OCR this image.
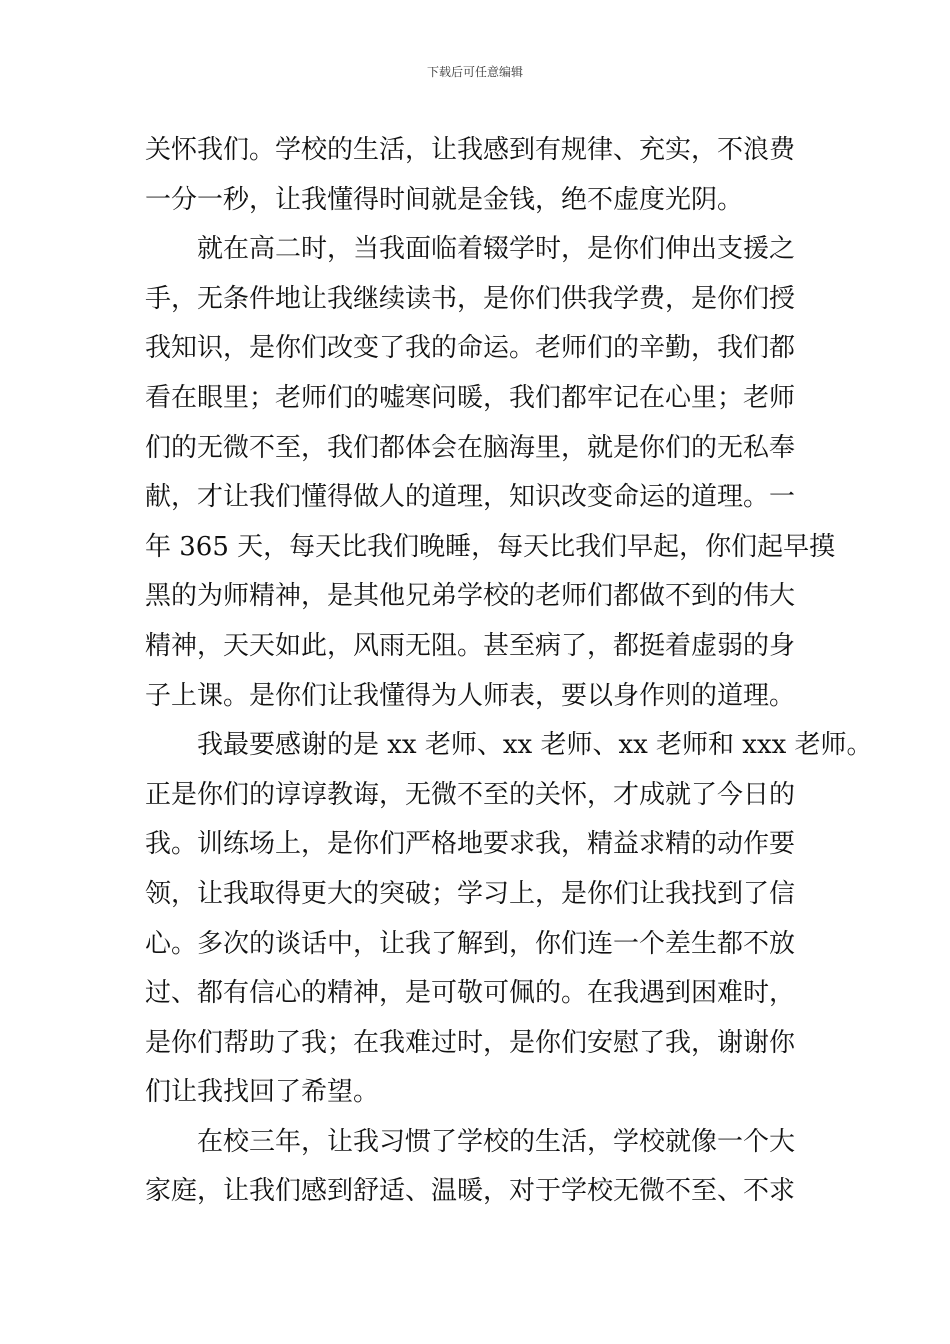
下载后可任意编辑
关怀我们。学校的生活，让我感到有规律、充实，不浪费
一分一秒，让我懂得时间就是金钱，绝不虚度光阴。
　　就在高二时，当我面临着辍学时，是你们伸出支援之
手，无条件地让我继续读书，是你们供我学费，是你们授
我知识，是你们改变了我的命运。老师们的辛勤，我们都
看在眼里；老师们的嘘寒问暖，我们都牢记在心里；老师
们的无微不至，我们都体会在脑海里，就是你们的无私奉
献，才让我们懂得做人的道理，知识改变命运的道理。一
年 365 天，每天比我们晚睡，每天比我们早起，你们起早摸
黑的为师精神，是其他兄弟学校的老师们都做不到的伟大
精神，天天如此，风雨无阻。甚至病了，都挺着虚弱的身
子上课。是你们让我懂得为人师表，要以身作则的道理。
　　我最要感谢的是 xx 老师、xx 老师、xx 老师和 xxx 老师。
正是你们的谆谆教诲，无微不至的关怀，才成就了今日的
我。训练场上，是你们严格地要求我，精益求精的动作要
领，让我取得更大的突破；学习上，是你们让我找到了信
心。多次的谈话中，让我了解到，你们连一个差生都不放
过、都有信心的精神，是可敬可佩的。在我遇到困难时，
是你们帮助了我；在我难过时，是你们安慰了我，谢谢你
们让我找回了希望。
　　在校三年，让我习惯了学校的生活，学校就像一个大
家庭，让我们感到舒适、温暖，对于学校无微不至、不求
